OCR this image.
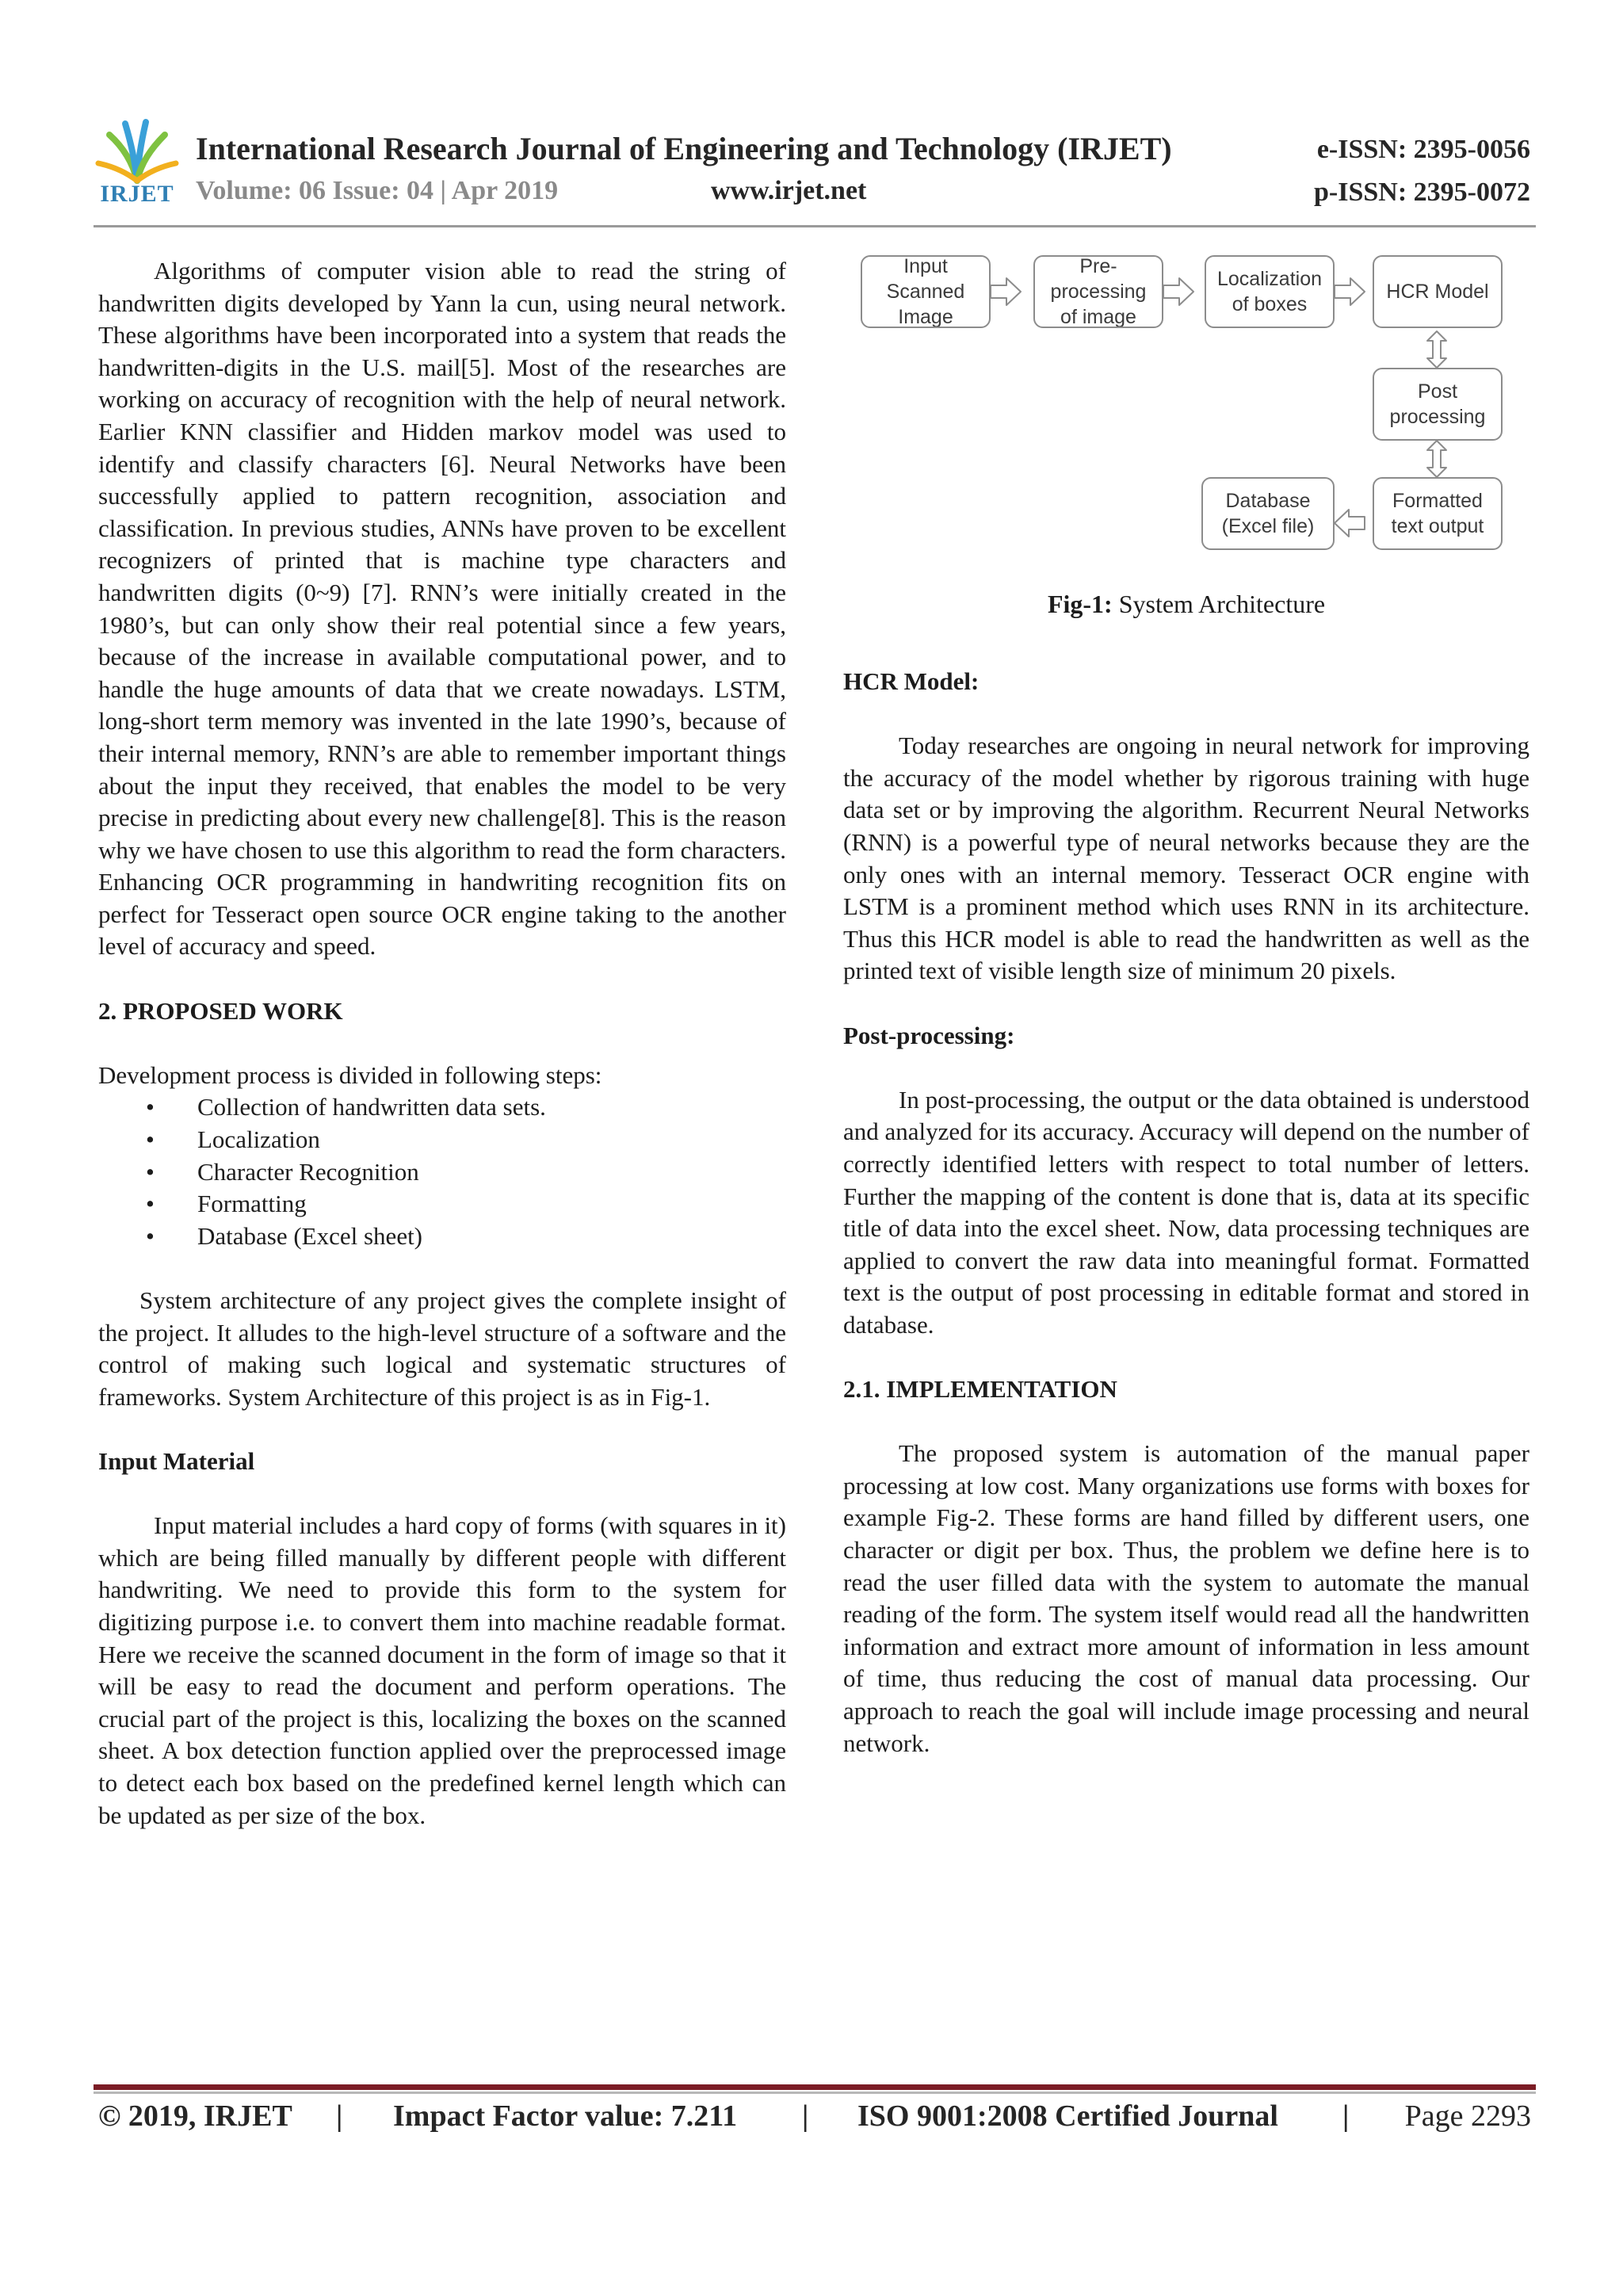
IRJET
International Research Journal of Engineering and Technology (IRJET)
Volume: 06 Issue: 04 | Apr 2019	www.irjet.net
e-ISSN: 2395-0056
p-ISSN: 2395-0072

Algorithms of computer vision able to read the string of handwritten digits developed by Yann la cun, using neural network. These algorithms have been incorporated into a system that reads the handwritten-digits in the U.S. mail[5]. Most of the researches are working on accuracy of recognition with the help of neural network. Earlier KNN classifier and Hidden markov model was used to identify and classify characters [6]. Neural Networks have been successfully applied to pattern recognition, association and classification. In previous studies, ANNs have proven to be excellent recognizers of printed that is machine type characters and handwritten digits (0~9) [7]. RNN’s were initially created in the 1980’s, but can only show their real potential since a few years, because of the increase in available computational power, and to handle the huge amounts of data that we create nowadays. LSTM, long-short term memory was invented in the late 1990’s, because of their internal memory, RNN’s are able to remember important things about the input they received, that enables the model to be very precise in predicting about every new challenge[8]. This is the reason why we have chosen to use this algorithm to read the form characters. Enhancing OCR programming in handwriting recognition fits on perfect for Tesseract open source OCR engine taking to the another level of accuracy and speed.

2. PROPOSED WORK
Development process is divided in following steps:
• Collection of handwritten data sets.
• Localization
• Character Recognition
• Formatting
• Database (Excel sheet)

System architecture of any project gives the complete insight of the project. It alludes to the high-level structure of a software and the control of making such logical and systematic structures of frameworks. System Architecture of this project is as in Fig-1.

Input Material

Input material includes a hard copy of forms (with squares in it) which are being filled manually by different people with different handwriting. We need to provide this form to the system for digitizing purpose i.e. to convert them into machine readable format. Here we receive the scanned document in the form of image so that it will be easy to read the document and perform operations. The crucial part of the project is this, localizing the boxes on the scanned sheet. A box detection function applied over the preprocessed image to detect each box based on the predefined kernel length which can be updated as per size of the box.

Input
Scanned
Image
Pre-
processing
of image
Localization
of boxes
HCR Model
Post
processing
Formatted
text output
Database
(Excel file)
Fig-1: System Architecture
HCR Model:

Today researches are ongoing in neural network for improving the accuracy of the model whether by rigorous training with huge data set or by improving the algorithm. Recurrent Neural Networks (RNN) is a powerful type of neural networks because they are the only ones with an internal memory. Tesseract OCR engine with LSTM is a prominent method which uses RNN in its architecture. Thus this HCR model is able to read the handwritten as well as the printed text of visible length size of minimum 20 pixels.

Post-processing:

In post-processing, the output or the data obtained is understood and analyzed for its accuracy. Accuracy will depend on the number of correctly identified letters with respect to total number of letters. Further the mapping of the content is done that is, data at its specific title of data into the excel sheet. Now, data processing techniques are applied to convert the raw data into meaningful format. Formatted text is the output of post processing in editable format and stored in database.

2.1. IMPLEMENTATION

The proposed system is automation of the manual paper processing at low cost. Many organizations use forms with boxes for example Fig-2. These forms are hand filled by different users, one character or digit per box. Thus, the problem we define here is to read the user filled data with the system to automate the manual reading of the form. The system itself would read all the handwritten information and extract more amount of information in less amount of time, thus reducing the cost of manual data processing. Our approach to reach the goal will include image processing and neural network.

© 2019, IRJET | Impact Factor value: 7.211 | ISO 9001:2008 Certified Journal | Page 2293
